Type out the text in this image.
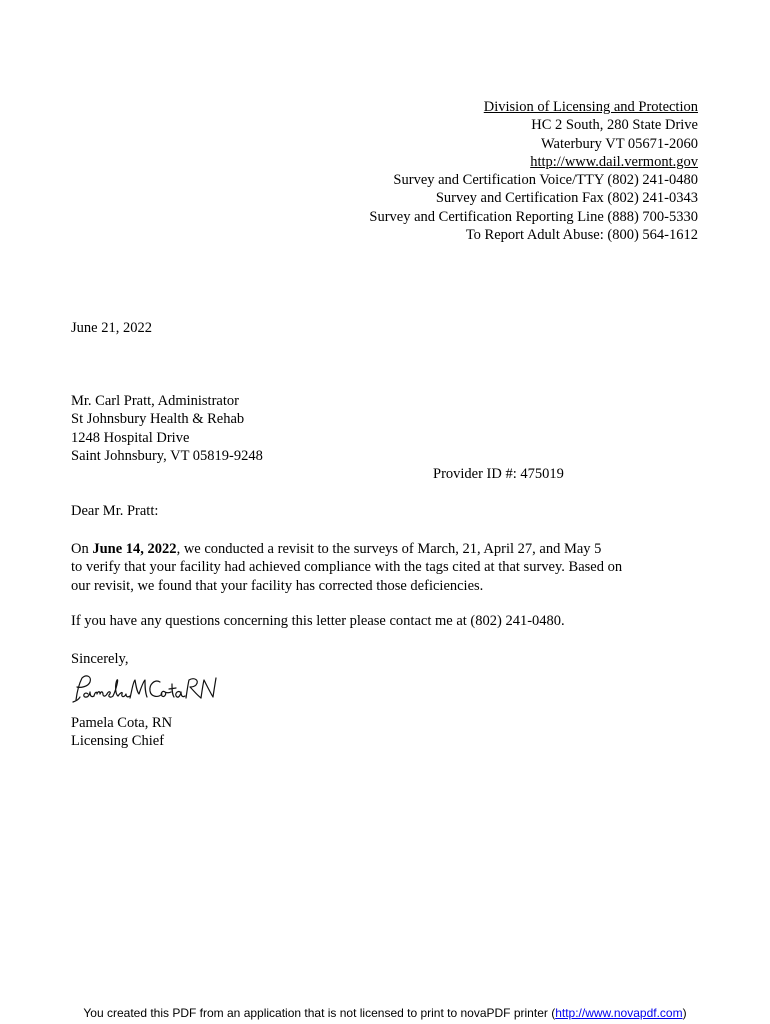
Division of Licensing and Protection
HC 2 South, 280 State Drive
Waterbury VT 05671-2060
http://www.dail.vermont.gov
Survey and Certification Voice/TTY (802) 241-0480
Survey and Certification Fax (802) 241-0343
Survey and Certification Reporting Line (888) 700-5330
To Report Adult Abuse: (800) 564-1612
June 21, 2022
Mr. Carl Pratt, Administrator
St Johnsbury Health & Rehab
1248 Hospital Drive
Saint Johnsbury, VT 05819-9248
Provider ID #: 475019
Dear Mr. Pratt:
On June 14, 2022, we conducted a revisit to the surveys of March, 21, April 27, and May 5
to verify that your facility had achieved compliance with the tags cited at that survey. Based on
our revisit, we found that your facility has corrected those deficiencies.
If you have any questions concerning this letter please contact me at (802) 241-0480.
Sincerely,
Pamela Cota, RN
Licensing Chief
You created this PDF from an application that is not licensed to print to novaPDF printer (http://www.novapdf.com)
